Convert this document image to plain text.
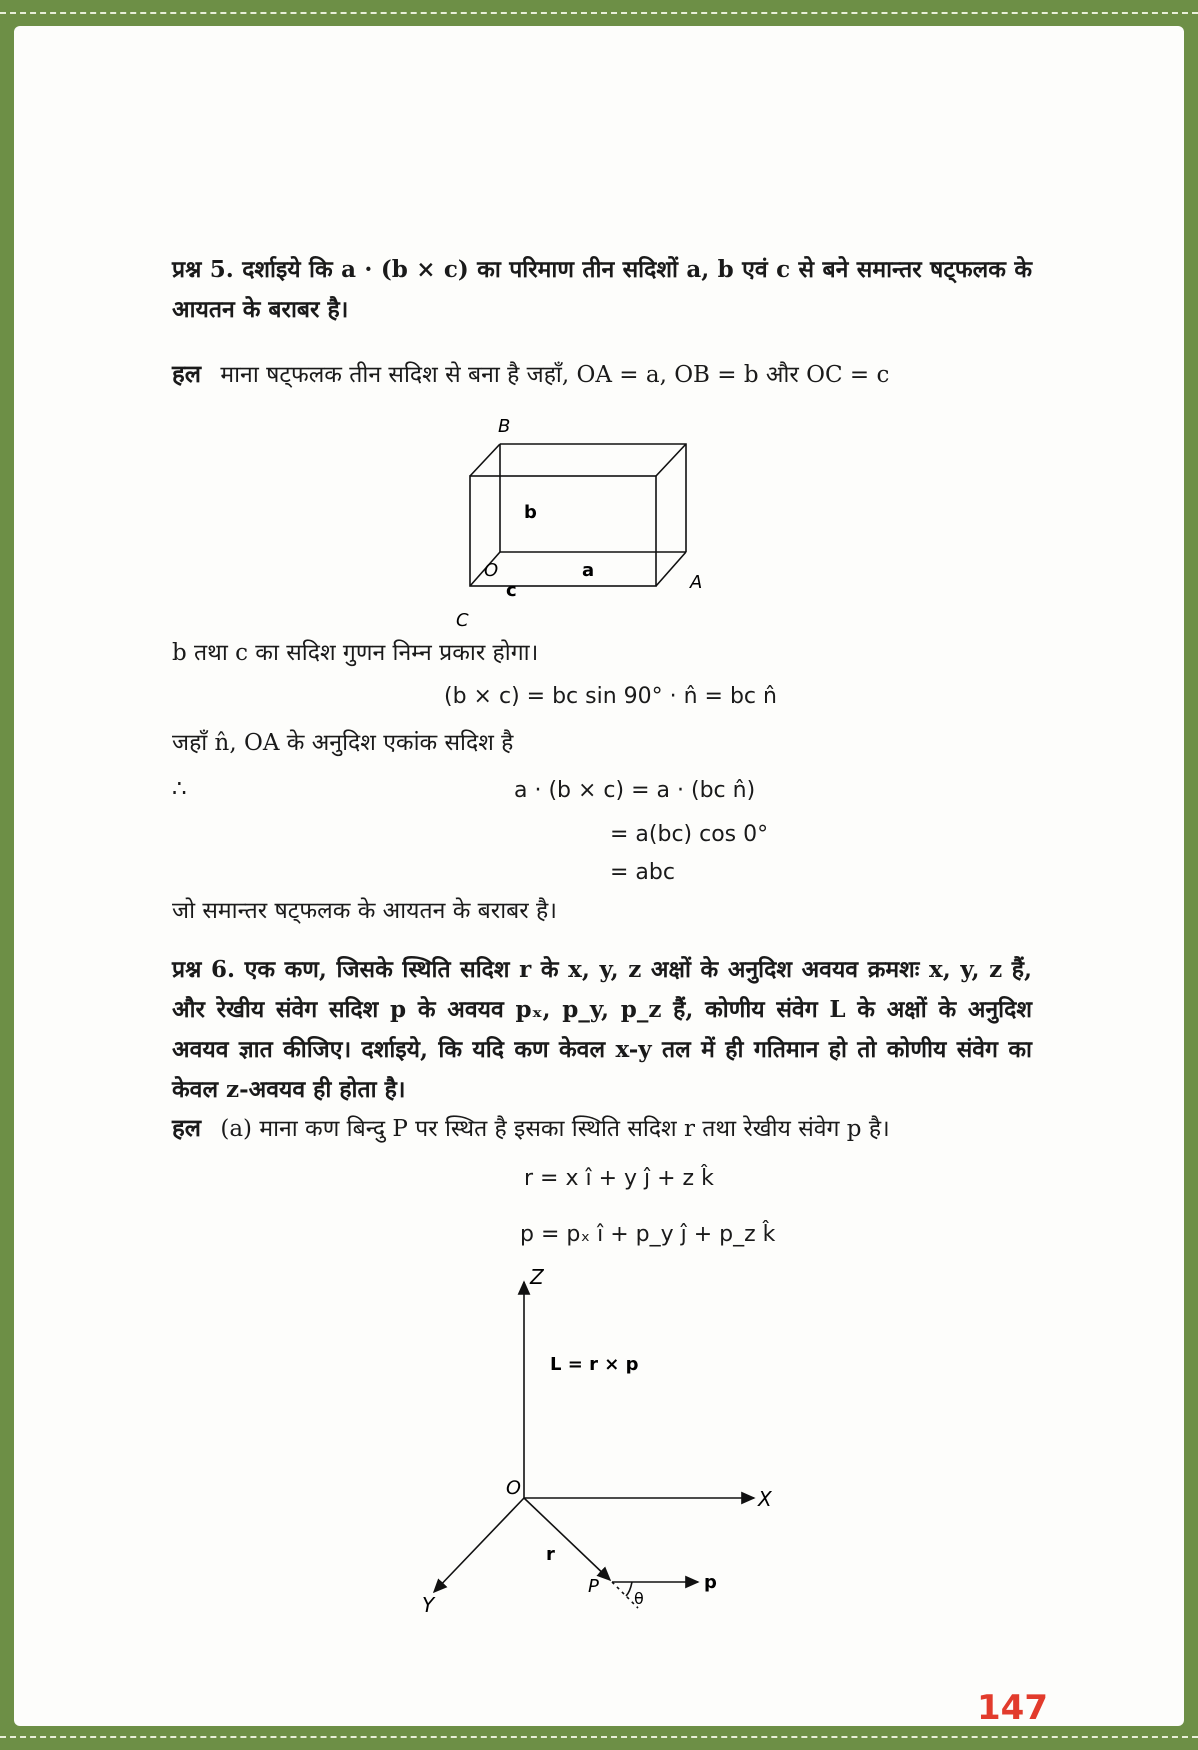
प्रश्न 5. दर्शाइये कि a · (b × c) का परिमाण तीन सदिशों a, b एवं c से बने समान्तर षट्फलक के आयतन के बराबर है।
हल माना षट्फलक तीन सदिश से बना है जहाँ, OA = a, OB = b और OC = c
B
b
O	a
A
c
C
b तथा c का सदिश गुणन निम्न प्रकार होगा।
(b × c) = bc sin 90° · n̂ = bc n̂
जहाँ n̂, OA के अनुदिश एकांक सदिश है
∴	a · (b × c) = a · (bc n̂)
= a(bc) cos 0°
= abc
जो समान्तर षट्फलक के आयतन के बराबर है।
प्रश्न 6. एक कण, जिसके स्थिति सदिश r के x, y, z अक्षों के अनुदिश अवयव क्रमशः x, y, z हैं, और रेखीय संवेग सदिश p के अवयव pₓ, p_y, p_z हैं, कोणीय संवेग L के अक्षों के अनुदिश अवयव ज्ञात कीजिए। दर्शाइये, कि यदि कण केवल x-y तल में ही गतिमान हो तो कोणीय संवेग का केवल z-अवयव ही होता है।
हल (a) माना कण बिन्दु P पर स्थित है इसका स्थिति सदिश r तथा रेखीय संवेग p है।
r = x î + y ĵ + z k̂
p = pₓ î + p_y ĵ + p_z k̂
Z
L = r × p
O	X
r
Y
P
θ
p
147
